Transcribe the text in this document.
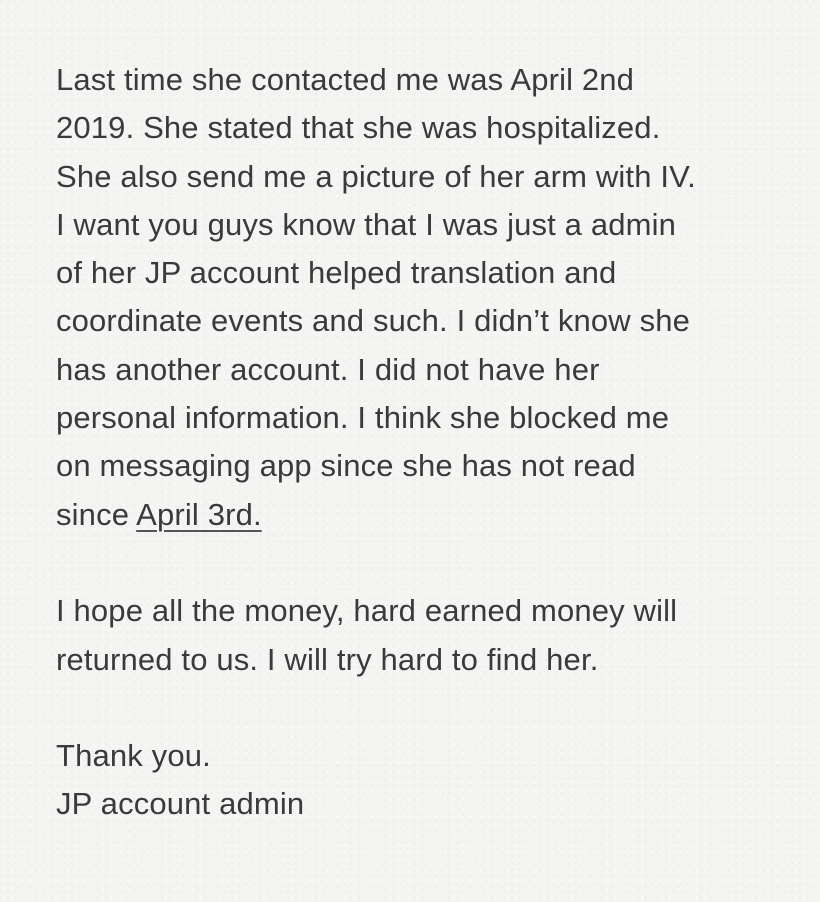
Last time she contacted me was April 2nd
2019. She stated that she was hospitalized.
She also send me a picture of her arm with IV.
I want you guys know that I was just a admin
of her JP account helped translation and
coordinate events and such. I didn’t know she
has another account. I did not have her
personal information. I think she blocked me
on messaging app since she has not read
since April 3rd.
I hope all the money, hard earned money will
returned to us. I will try hard to find her.
Thank you.
JP account admin
